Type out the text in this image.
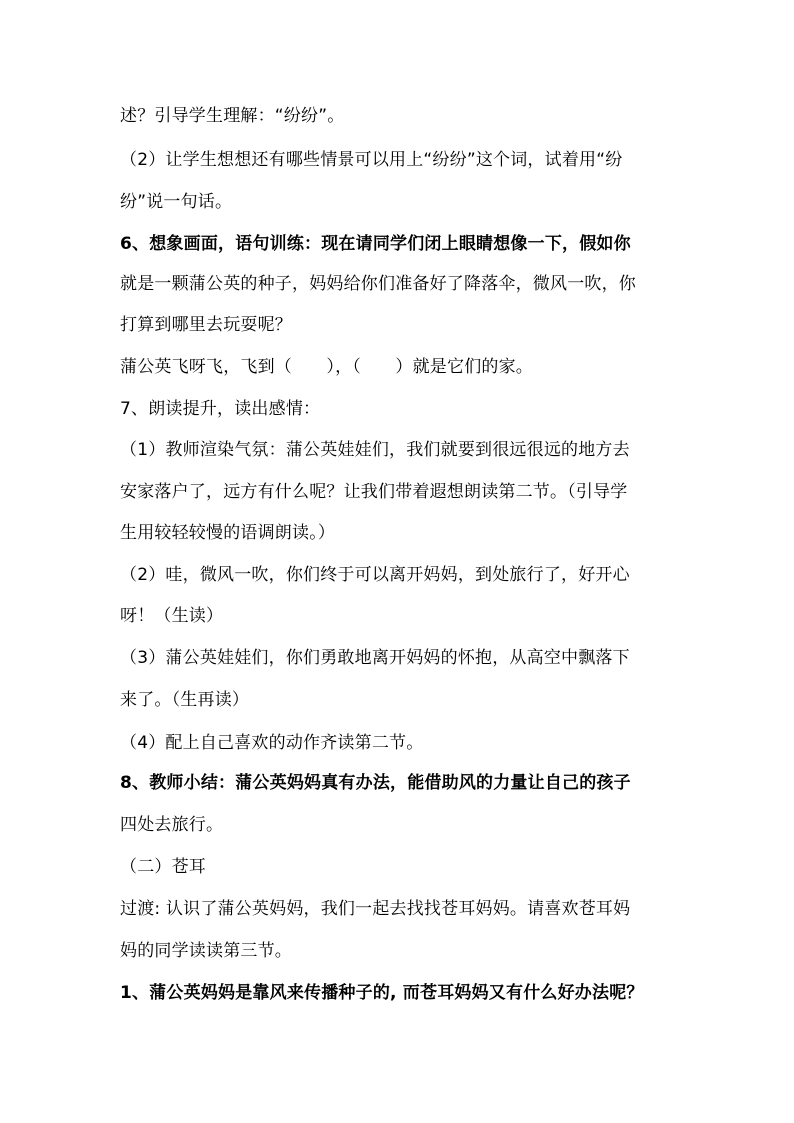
述？引导学生理解：“纷纷”。
（2）让学生想想还有哪些情景可以用上“纷纷”这个词，试着用“纷
纷”说一句话。
6、想象画面，语句训练：现在请同学们闭上眼睛想像一下，假如你
就是一颗蒲公英的种子，妈妈给你们准备好了降落伞，微风一吹，你
打算到哪里去玩耍呢？
蒲公英飞呀飞，飞到（　　），（　　）就是它们的家。
7、朗读提升，读出感情：
（1）教师渲染气氛：蒲公英娃娃们，我们就要到很远很远的地方去
安家落户了，远方有什么呢？让我们带着遐想朗读第二节。（引导学
生用较轻较慢的语调朗读。）
（2）哇，微风一吹，你们终于可以离开妈妈，到处旅行了，好开心
呀！（生读）
（3）蒲公英娃娃们，你们勇敢地离开妈妈的怀抱，从高空中飘落下
来了。（生再读）
（4）配上自己喜欢的动作齐读第二节。
8、教师小结：蒲公英妈妈真有办法，能借助风的力量让自己的孩子
四处去旅行。
（二）苍耳
过渡: 认识了蒲公英妈妈，我们一起去找找苍耳妈妈。请喜欢苍耳妈
妈的同学读读第三节。
1、蒲公英妈妈是靠风来传播种子的, 而苍耳妈妈又有什么好办法呢？
